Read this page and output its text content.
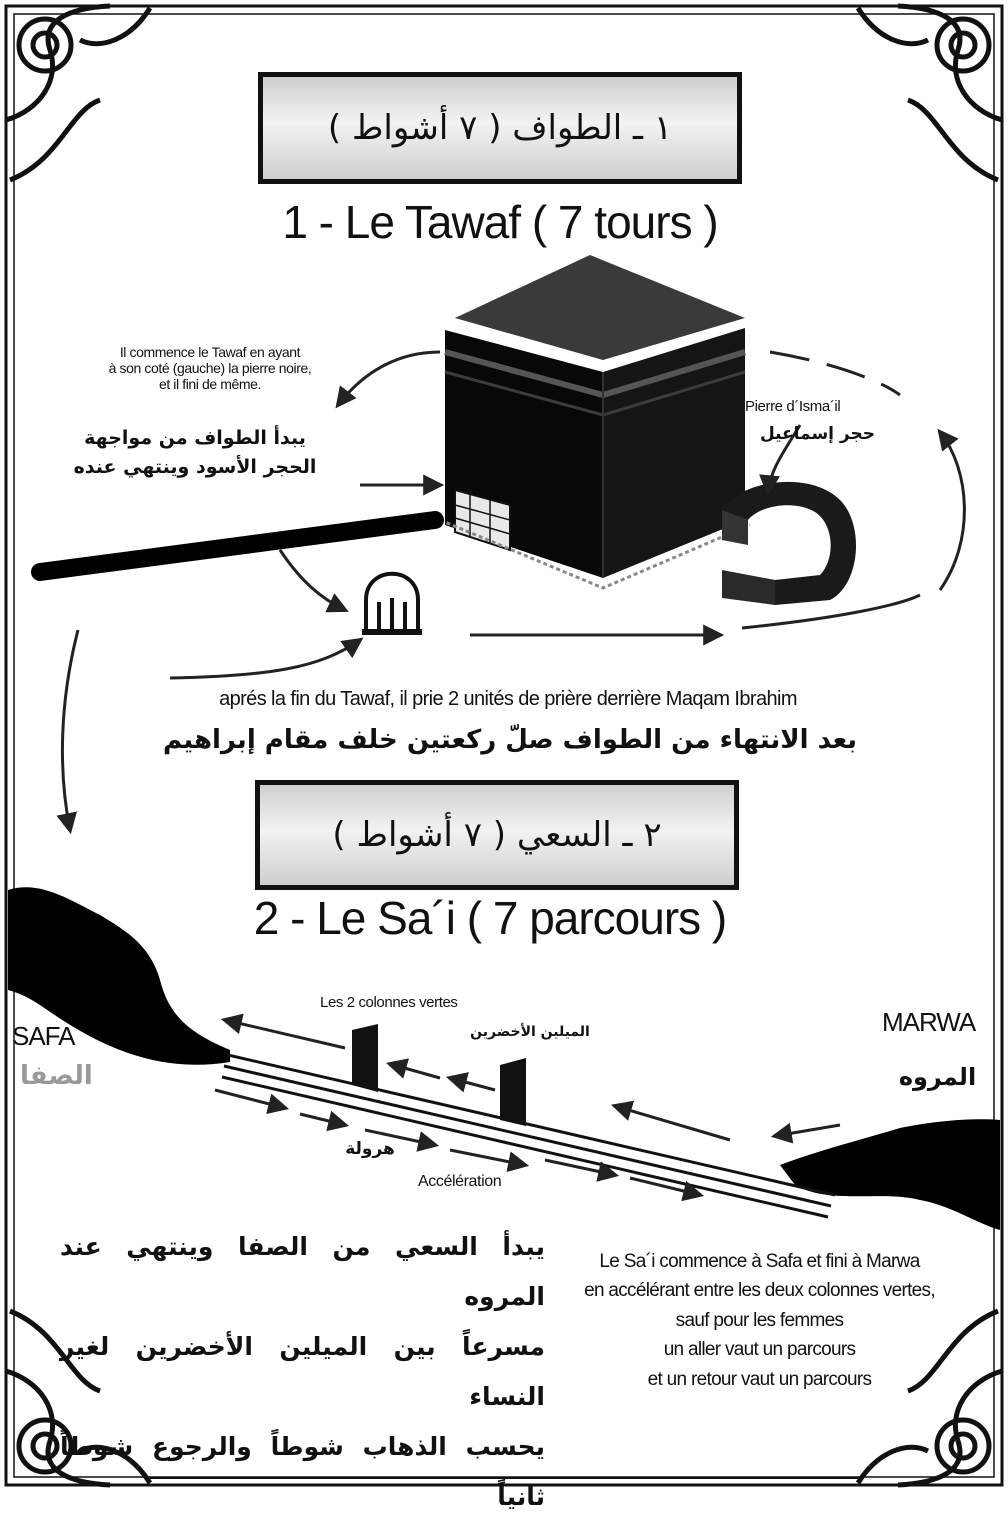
١ ـ الطواف ( ٧ أشواط )

1 - Le Tawaf ( 7 tours )

Il commence le Tawaf en ayant
à son coté (gauche) la pierre noire,
et il fini de même.
يبدأ الطواف من مواجهة
الحجر الأسود وينتهي عنده

Pierre d´Isma´il

حجر إسماعيل

aprés la fin du Tawaf, il prie 2 unités de prière derrière Maqam Ibrahim

بعد الانتهاء من الطواف صلّ ركعتين خلف مقام إبراهيم

٢ ـ السعي ( ٧ أشواط )

2 - Le Sa´i ( 7 parcours )

SAFA

الصفا

MARWA

المروه

Les 2 colonnes vertes

الميلين الأخضرين

هرولة

Accélération

يبدأ السعي من الصفا وينتهي عند المروه
مسرعاً بين الميلين الأخضرين لغير النساء
يحسب الذهاب شوطاً والرجوع شوطاً ثانياً
Le Sa´i commence à Safa et fini à Marwa
en accélérant entre les deux colonnes vertes,
sauf pour les femmes
un aller vaut un parcours
et un retour vaut un parcours
